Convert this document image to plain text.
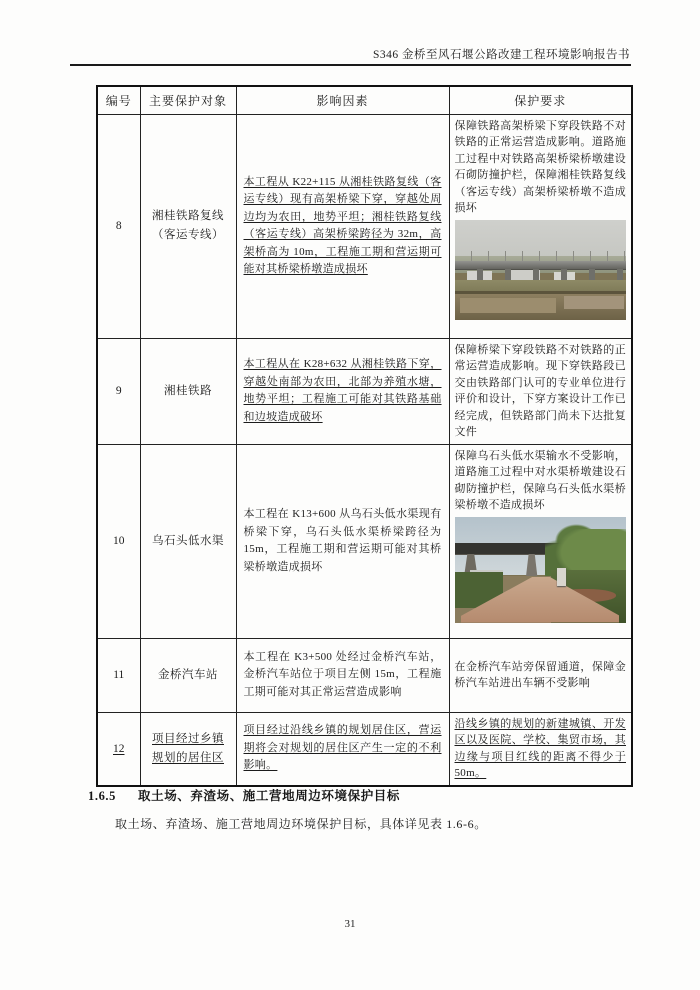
S346 金桥至风石堰公路改建工程环境影响报告书
编号	主要保护对象	影响因素	保护要求
8	湘桂铁路复线（客运专线）	本工程从 K22+115 从湘桂铁路复线（客运专线）现有高架桥梁下穿，穿越处周边均为农田，地势平坦；湘桂铁路复线（客运专线）高架桥梁跨径为 32m，高架桥高为 10m，工程施工期和营运期可能对其桥梁桥墩造成损坏	保障铁路高架桥梁下穿段铁路不对铁路的正常运营造成影响。道路施工过程中对铁路高架桥梁桥墩建设石砌防撞护栏，保障湘桂铁路复线（客运专线）高架桥梁桥墩不造成损坏

9	湘桂铁路	本工程从在 K28+632 从湘桂铁路下穿，穿越处南部为农田，北部为养殖水塘，地势平坦；工程施工可能对其铁路基础和边坡造成破坏	保障桥梁下穿段铁路不对铁路的正常运营造成影响。现下穿铁路段已交由铁路部门认可的专业单位进行评价和设计，下穿方案设计工作已经完成，但铁路部门尚未下达批复文件
10	乌石头低水渠	本工程在 K13+600 从乌石头低水渠现有桥梁下穿，乌石头低水渠桥梁跨径为 15m，工程施工期和营运期可能对其桥梁桥墩造成损坏	保障乌石头低水渠输水不受影响，道路施工过程中对水渠桥墩建设石砌防撞护栏，保障乌石头低水渠桥梁桥墩不造成损坏

11	金桥汽车站	本工程在 K3+500 处经过金桥汽车站，金桥汽车站位于项目左侧 15m，工程施工期可能对其正常运营造成影响	在金桥汽车站旁保留通道，保障金桥汽车站进出车辆不受影响
12	项目经过乡镇规划的居住区	项目经过沿线乡镇的规划居住区，营运期将会对规划的居住区产生一定的不利影响。	沿线乡镇的规划的新建城镇、开发区以及医院、学校、集贸市场，其边缘与项目红线的距离不得少于 50m。
1.6.5 取土场、弃渣场、施工营地周边环境保护目标

取土场、弃渣场、施工营地周边环境保护目标，具体详见表 1.6-6。

31
